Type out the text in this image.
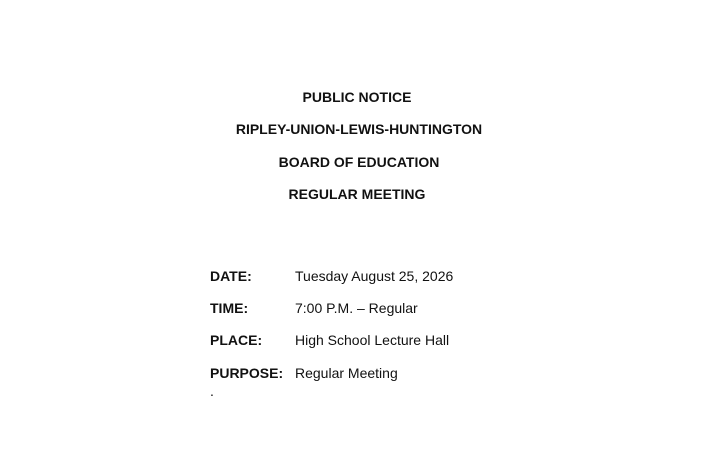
PUBLIC NOTICE
RIPLEY-UNION-LEWIS-HUNTINGTON
BOARD OF EDUCATION
REGULAR MEETING
DATE:	Tuesday August 25, 2026
TIME:	7:00 P.M. – Regular
PLACE: High School Lecture Hall
PURPOSE: Regular Meeting
.
